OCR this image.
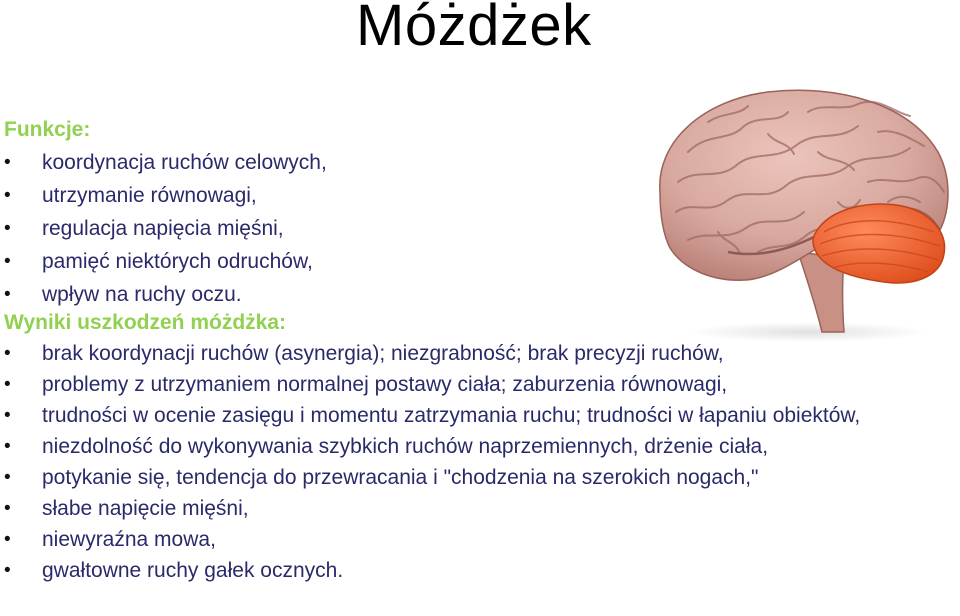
Móżdżek
Funkcje:
• koordynacja ruchów celowych,
• utrzymanie równowagi,
• regulacja napięcia mięśni,
• pamięć niektórych odruchów,
• wpływ na ruchy oczu.
Wyniki uszkodzeń móżdżka:
• brak koordynacji ruchów (asynergia); niezgrabność; brak precyzji ruchów,
• problemy z utrzymaniem normalnej postawy ciała; zaburzenia równowagi,
• trudności w ocenie zasięgu i momentu zatrzymania ruchu; trudności w łapaniu obiektów,
• niezdolność do wykonywania szybkich ruchów naprzemiennych, drżenie ciała,
• potykanie się, tendencja do przewracania i "chodzenia na szerokich nogach,"
• słabe napięcie mięśni,
• niewyraźna mowa,
• gwałtowne ruchy gałek ocznych.
